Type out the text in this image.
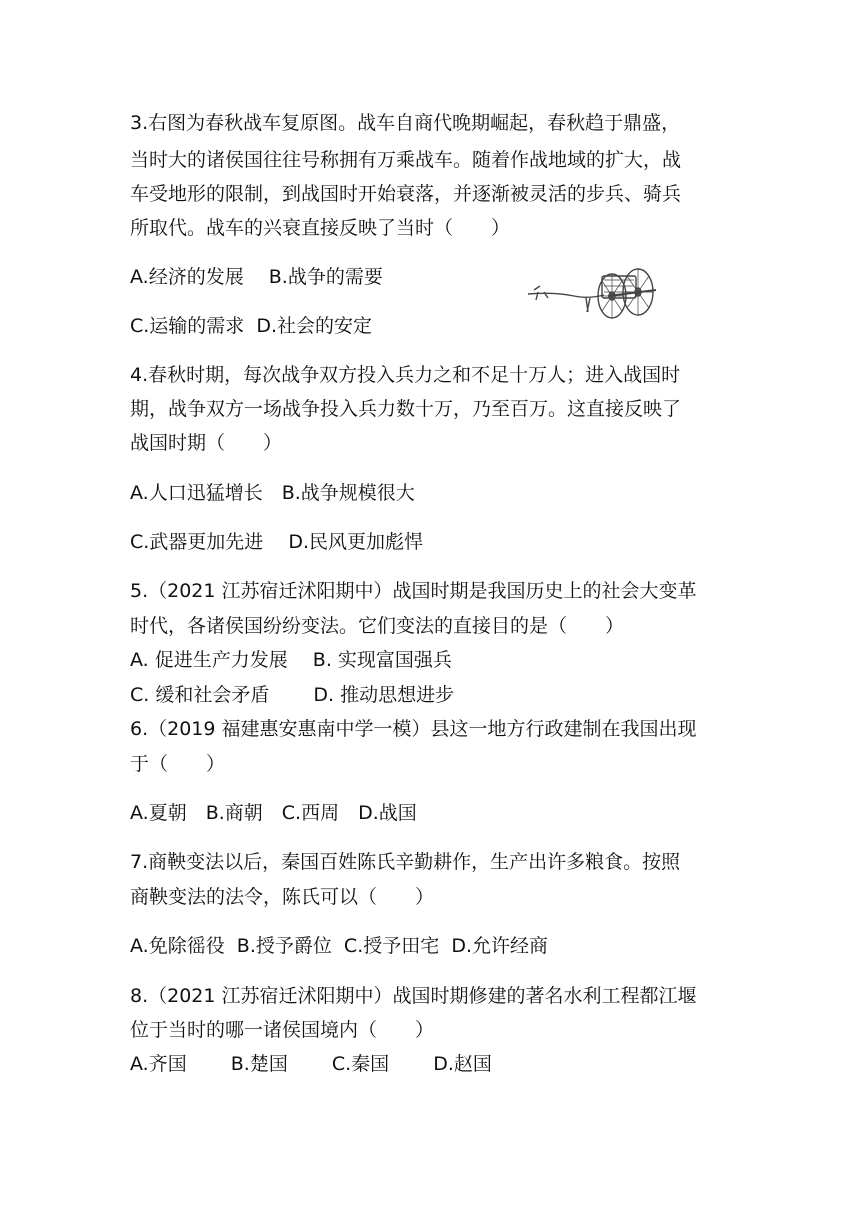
3.右图为春秋战车复原图。战车自商代晚期崛起，春秋趋于鼎盛，
当时大的诸侯国往往号称拥有万乘战车。随着作战地域的扩大，战
车受地形的限制，到战国时开始衰落，并逐渐被灵活的步兵、骑兵
所取代。战车的兴衰直接反映了当时（　　）
A.经济的发展　 B.战争的需要
C.运输的需求  D.社会的安定
4.春秋时期，每次战争双方投入兵力之和不足十万人；进入战国时
期，战争双方一场战争投入兵力数十万，乃至百万。这直接反映了
战国时期（　　）
A.人口迅猛增长　B.战争规模很大
C.武器更加先进　 D.民风更加彪悍
5.（2021 江苏宿迁沭阳期中）战国时期是我国历史上的社会大变革
时代，各诸侯国纷纷变法。它们变法的直接目的是（　　）
A. 促进生产力发展　 B. 实现富国强兵
C. 缓和社会矛盾　　 D. 推动思想进步
6.（2019 福建惠安惠南中学一模）县这一地方行政建制在我国出现
于（　　）
A.夏朝　B.商朝　C.西周　D.战国
7.商鞅变法以后，秦国百姓陈氏辛勤耕作，生产出许多粮食。按照
商鞅变法的法令，陈氏可以（　　）
A.免除徭役  B.授予爵位  C.授予田宅  D.允许经商
8.（2021 江苏宿迁沭阳期中）战国时期修建的著名水利工程都江堰
位于当时的哪一诸侯国境内（　　）
A.齐国　　 B.楚国　　 C.秦国　　 D.赵国
